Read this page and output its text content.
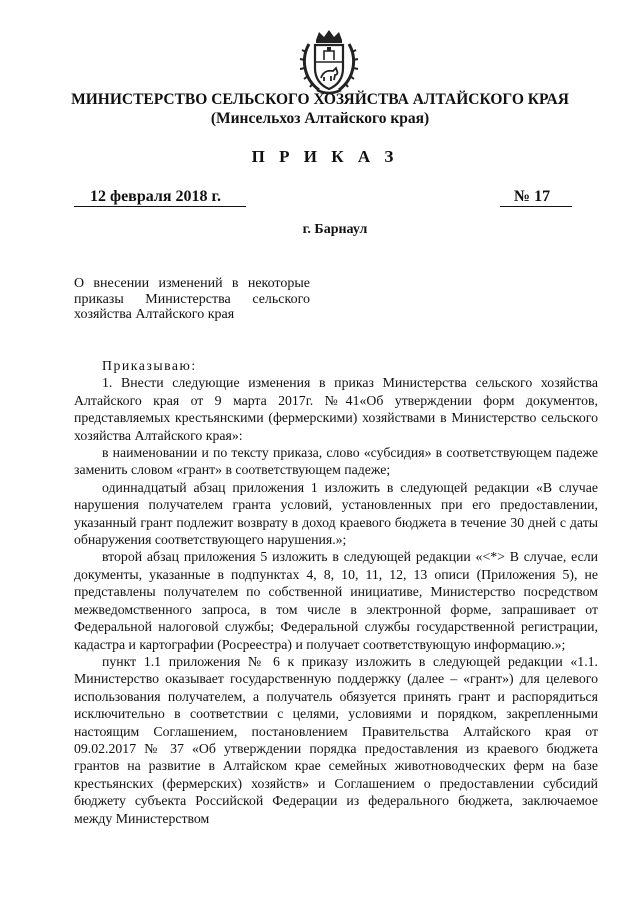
МИНИСТЕРСТВО СЕЛЬСКОГО ХОЗЯЙСТВА АЛТАЙСКОГО КРАЯ
(Минсельхоз Алтайского края)
П Р И К А З
12 февраля 2018 г.	№ 17
г. Барнаул
О внесении изменений в некоторые приказы Министерства сельского хозяйства Алтайского края

Приказываю:

1. Внести следующие изменения в приказ Министерства сельского хозяйства Алтайского края от 9 марта 2017г. №41«Об утверждении форм документов, представляемых крестьянскими (фермерскими) хозяйствами в Министерство сельского хозяйства Алтайского края»:

в наименовании и по тексту приказа, слово «субсидия» в соответствующем падеже заменить словом «грант» в соответствующем падеже;

одиннадцатый абзац приложения 1 изложить в следующей редакции «В случае нарушения получателем гранта условий, установленных при его предоставлении, указанный грант подлежит возврату в доход краевого бюджета в течение 30 дней с даты обнаружения соответствующего нарушения.»;

второй абзац приложения 5 изложить в следующей редакции «<*> В случае, если документы, указанные в подпунктах 4, 8, 10, 11, 12, 13 описи (Приложения 5), не представлены получателем по собственной инициативе, Министерство посредством межведомственного запроса, в том числе в электронной форме, запрашивает от Федеральной налоговой службы; Федеральной службы государственной регистрации, кадастра и картографии (Росреестра) и получает соответствующую информацию.»;

пункт 1.1 приложения № 6 к приказу изложить в следующей редакции «1.1. Министерство оказывает государственную поддержку (далее – «грант») для целевого использования получателем, а получатель обязуется принять грант и распорядиться исключительно в соответствии с целями, условиями и порядком, закрепленными настоящим Соглашением, постановлением Правительства Алтайского края от 09.02.2017 № 37 «Об утверждении порядка предоставления из краевого бюджета грантов на развитие в Алтайском крае семейных животноводческих ферм на базе крестьянских (фермерских) хозяйств» и Соглашением о предоставлении субсидий бюджету субъекта Российской Федерации из федерального бюджета, заключаемое между Министерством
